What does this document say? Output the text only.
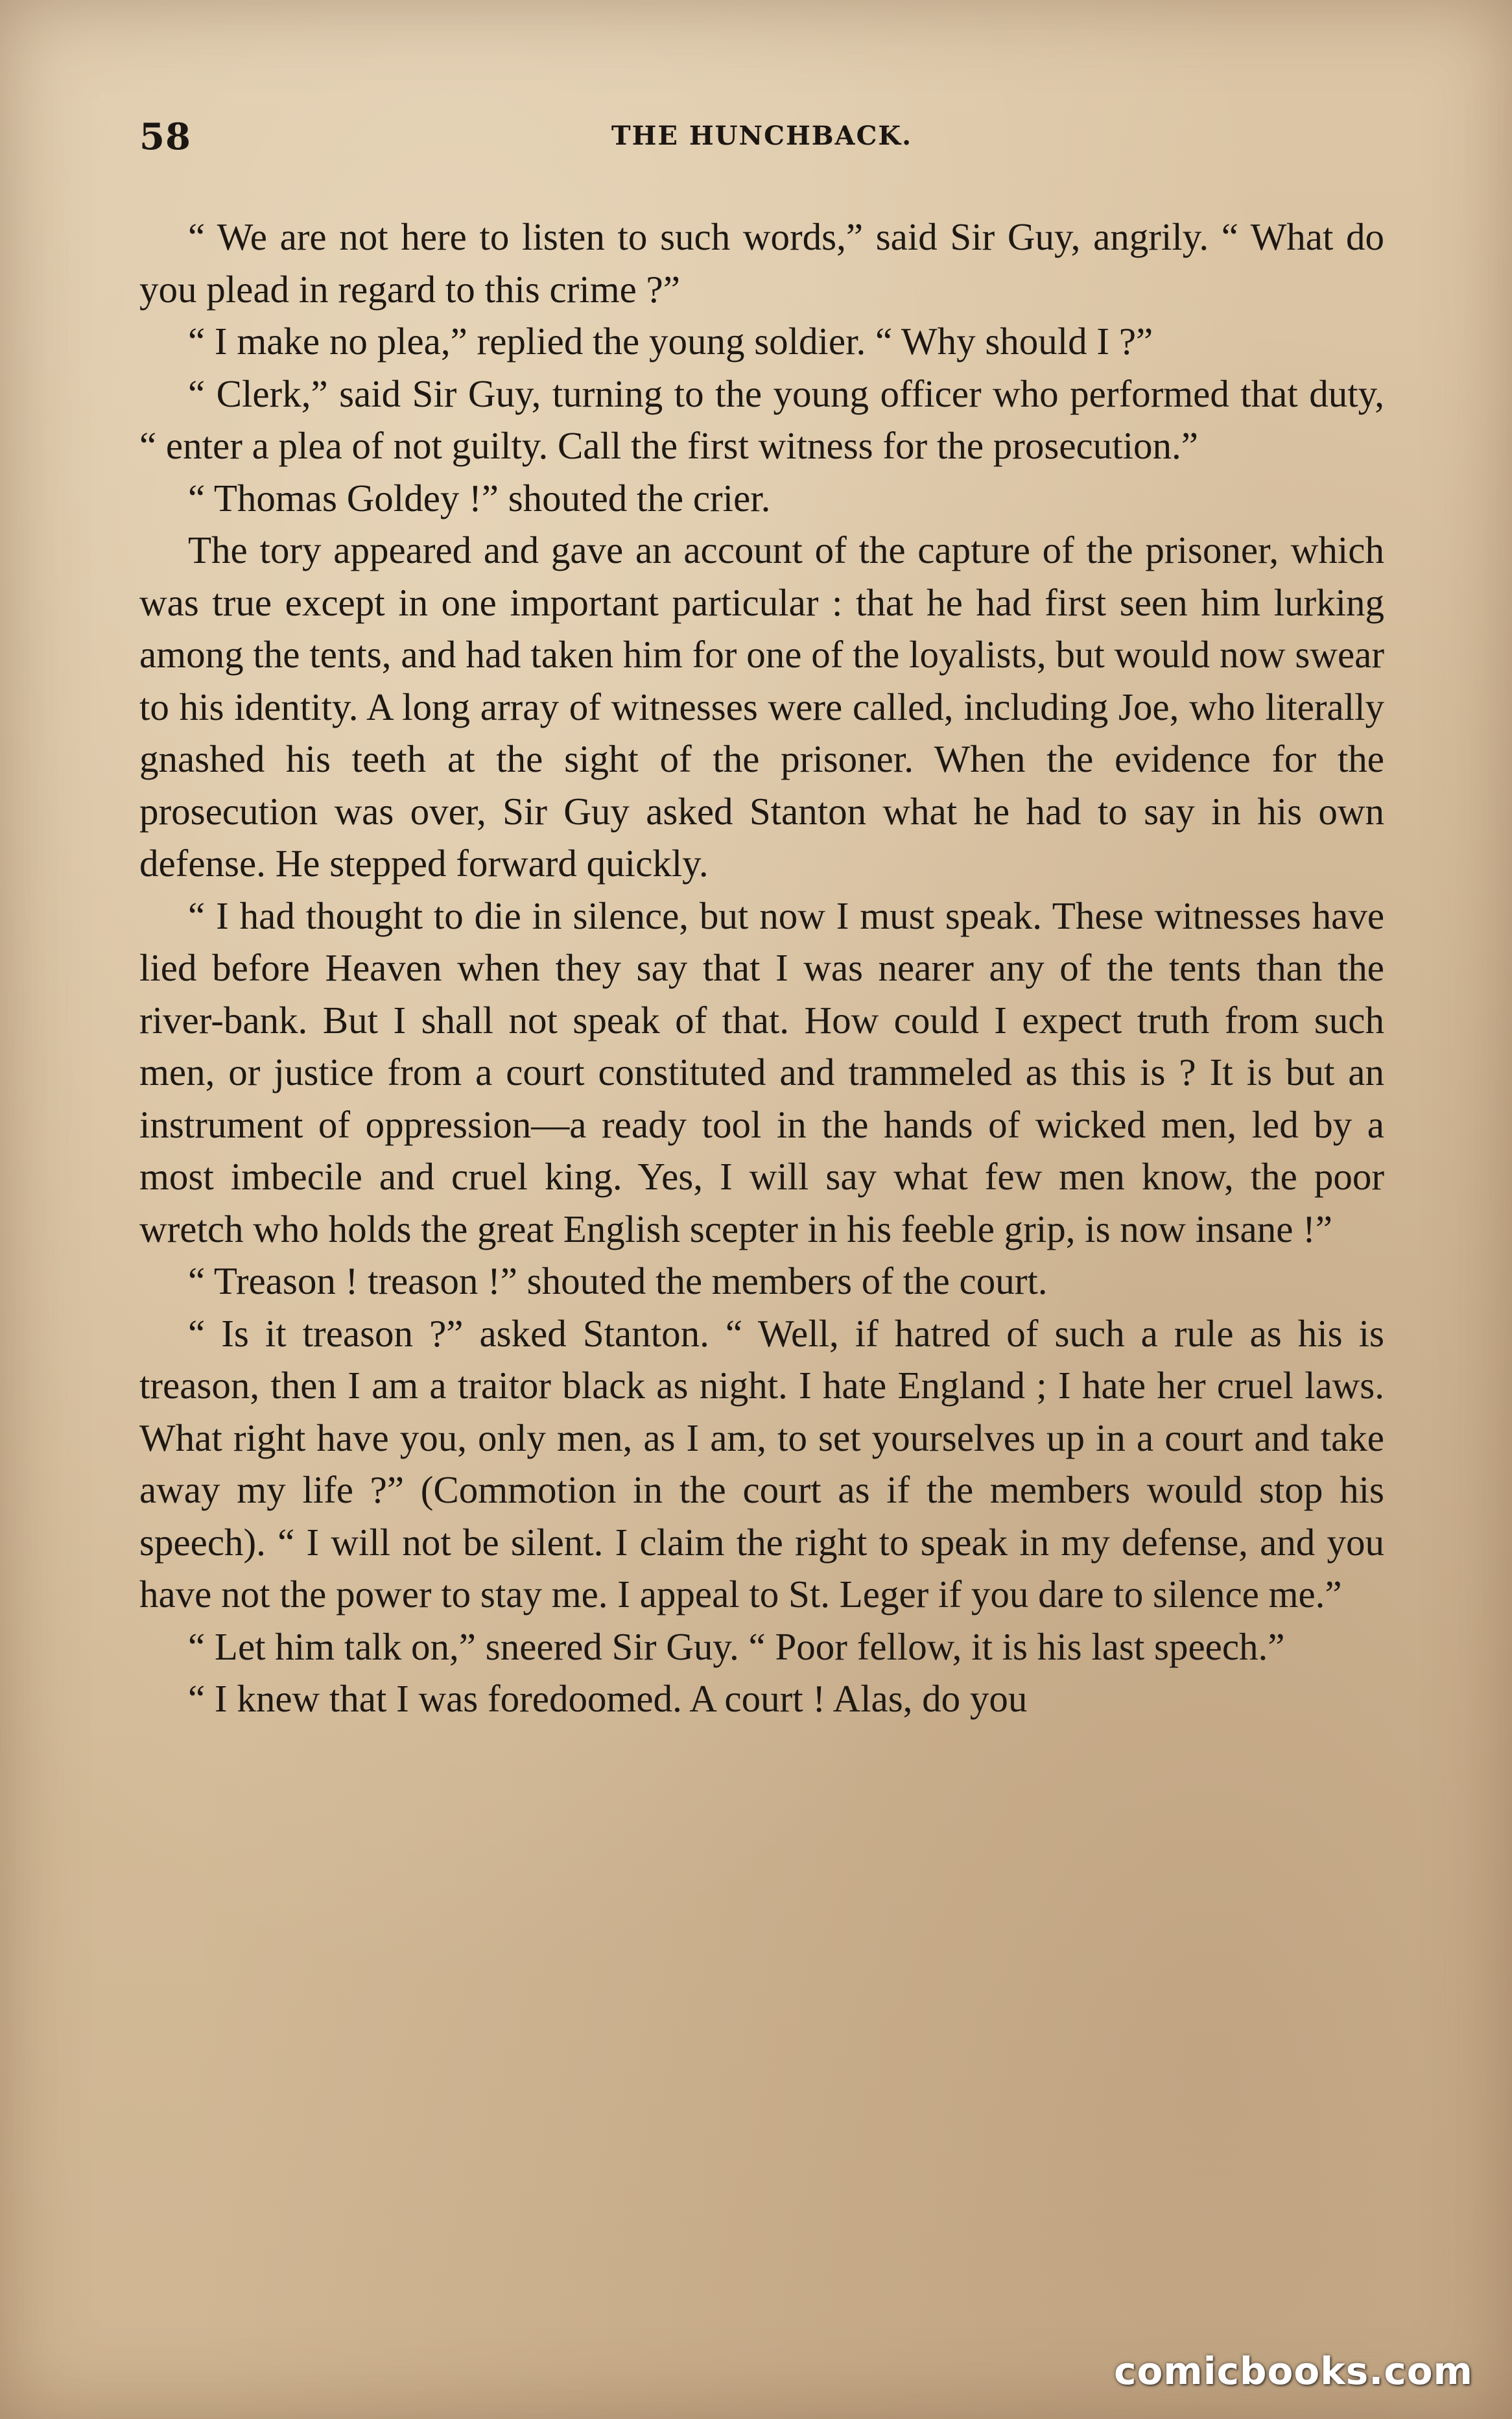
58	THE HUNCHBACK.

“ We are not here to listen to such words,” said Sir Guy, angrily. “ What do you plead in regard to this crime ?”

“ I make no plea,” replied the young soldier. “ Why should I ?”

“ Clerk,” said Sir Guy, turning to the young officer who performed that duty, “ enter a plea of not guilty. Call the first witness for the prosecution.”

“ Thomas Goldey !” shouted the crier.

The tory appeared and gave an account of the capture of the prisoner, which was true except in one important particular : that he had first seen him lurking among the tents, and had taken him for one of the loyalists, but would now swear to his identity. A long array of witnesses were called, including Joe, who literally gnashed his teeth at the sight of the prisoner. When the evidence for the prosecution was over, Sir Guy asked Stanton what he had to say in his own defense. He stepped forward quickly.

“ I had thought to die in silence, but now I must speak. These witnesses have lied before Heaven when they say that I was nearer any of the tents than the river-bank. But I shall not speak of that. How could I expect truth from such men, or justice from a court constituted and trammeled as this is ? It is but an instrument of oppression—a ready tool in the hands of wicked men, led by a most imbecile and cruel king. Yes, I will say what few men know, the poor wretch who holds the great English scepter in his feeble grip, is now insane !”

“ Treason ! treason !” shouted the members of the court.

“ Is it treason ?” asked Stanton. “ Well, if hatred of such a rule as his is treason, then I am a traitor black as night. I hate England ; I hate her cruel laws. What right have you, only men, as I am, to set yourselves up in a court and take away my life ?” (Commotion in the court as if the members would stop his speech). “ I will not be silent. I claim the right to speak in my defense, and you have not the power to stay me. I appeal to St. Leger if you dare to silence me.”

“ Let him talk on,” sneered Sir Guy. “ Poor fellow, it is his last speech.”

“ I knew that I was foredoomed. A court ! Alas, do you

comicbooks.com
